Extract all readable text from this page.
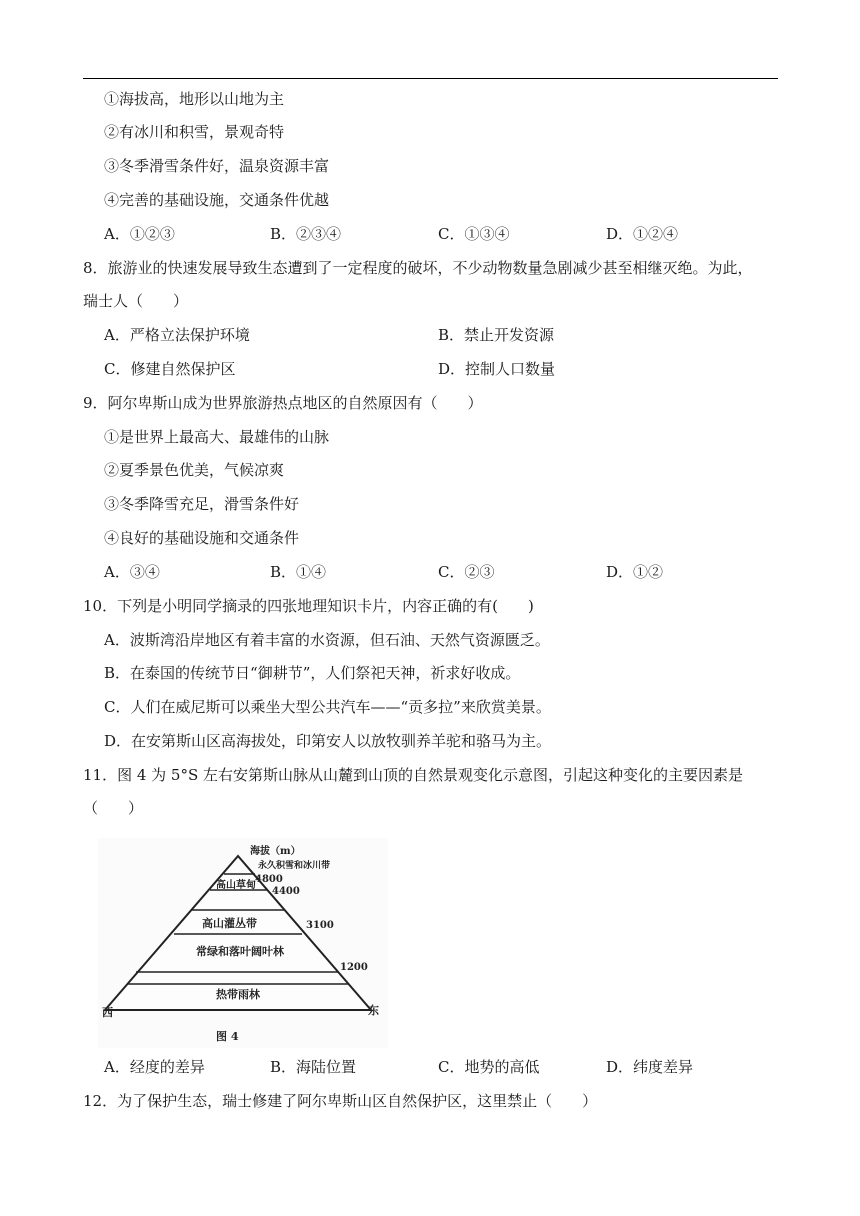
①海拔高，地形以山地为主
②有冰川和积雪，景观奇特
③冬季滑雪条件好，温泉资源丰富
④完善的基础设施，交通条件优越
A．①②③	B．②③④	C．①③④	D．①②④
8．旅游业的快速发展导致生态遭到了一定程度的破坏，不少动物数量急剧减少甚至相继灭绝。为此，
瑞士人（　　）
A．严格立法保护环境	B．禁止开发资源
C．修建自然保护区	D．控制人口数量
9．阿尔卑斯山成为世界旅游热点地区的自然原因有（　　）
①是世界上最高大、最雄伟的山脉
②夏季景色优美，气候凉爽
③冬季降雪充足，滑雪条件好
④良好的基础设施和交通条件
A．③④	B．①④	C．②③	D．①②
10．下列是小明同学摘录的四张地理知识卡片，内容正确的有(　　)
A．波斯湾沿岸地区有着丰富的水资源，但石油、天然气资源匮乏。
B．在泰国的传统节日“御耕节”，人们祭祀天神，祈求好收成。
C．人们在威尼斯可以乘坐大型公共汽车——“贡多拉”来欣赏美景。
D．在安第斯山区高海拔处，印第安人以放牧驯养羊驼和骆马为主。
11．图 4 为 5°S 左右安第斯山脉从山麓到山顶的自然景观变化示意图，引起这种变化的主要因素是
（　　）
海拔（m）
永久积雪和冰川带
4800
高山草甸
4400
高山灌丛带	3100
常绿和落叶阔叶林
1200
热带雨林
西	东
图 4
A．经度的差异	B．海陆位置	C．地势的高低	D．纬度差异
12．为了保护生态，瑞士修建了阿尔卑斯山区自然保护区，这里禁止（　　）
